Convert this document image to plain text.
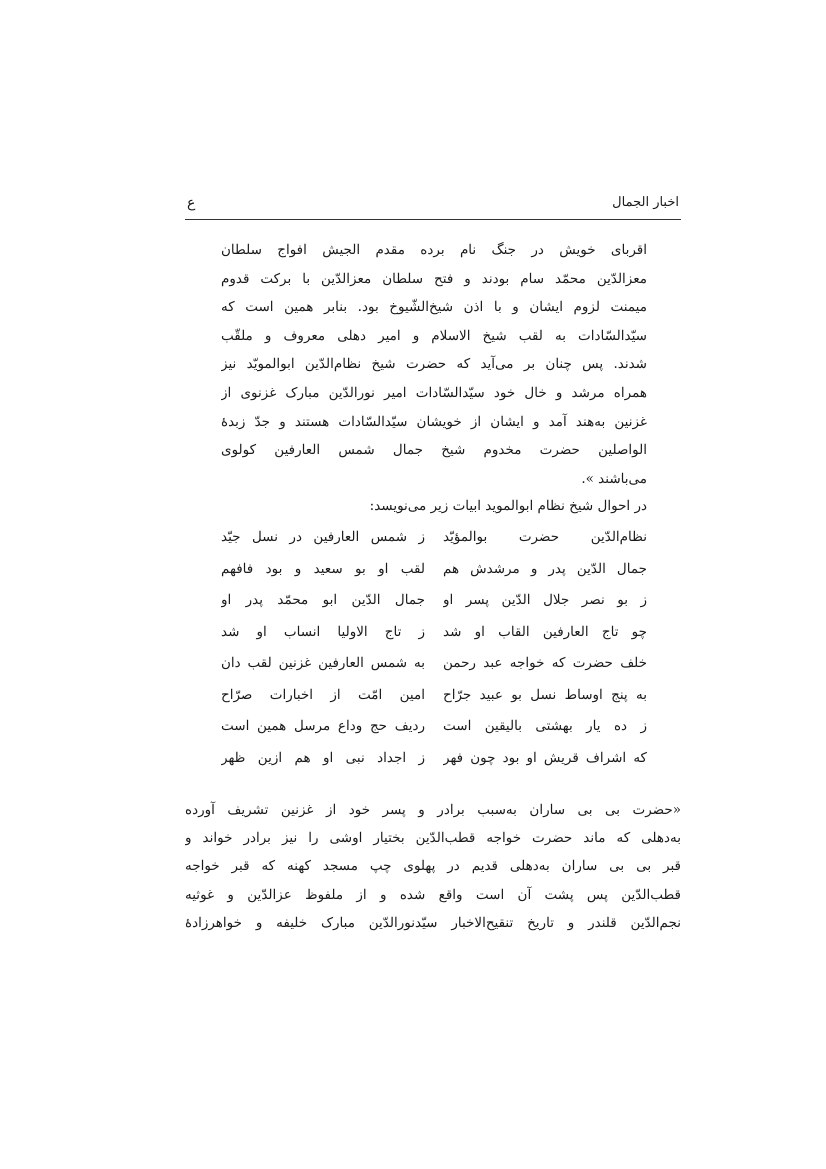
اخبار الجمال
ع
اقربای خویش در جنگ نام برده مقدم الجیش افواج سلطان
معزالدّین محمّد سام بودند و فتح سلطان معزالدّین با برکت قدوم
میمنت لزوم ایشان و با اذن شیخ‌الشّیوخ بود. بنابر همین است که
سیّدالسّادات به لقب شیخ الاسلام و امیر دهلی معروف و ملقّب
شدند. پس چنان بر می‌آید که حضرت شیخ نظام‌الدّین ابوالمویّد نیز
همراه مرشد و خال خود سیّدالسّادات امیر نورالدّین مبارک غزنوی از
غزنین به‌هند آمد و ایشان از خویشان سیّدالسّادات هستند و جدّ زبدۀ
الواصلین حضرت مخدوم شیخ جمال شمس العارفین کولوی
می‌باشند ».
در احوال شیخ نظام ابوالموید ابیات زیر می‌نویسد:
نظام‌الدّین حضرت بوالمؤیّد
ز شمس العارفین در نسل جیّد
جمال الدّین پدر و مرشدش هم
لقب او بو سعید و بود فافهم
ز بو نصر جلال الدّین پسر او
جمال الدّین ابو محمّد پدر او
چو تاج العارفین القاب او شد
ز تاج الاولیا انساب او شد
خلف حضرت که خواجه عبد رحمن
به شمس العارفین غزنین لقب دان
به پنج اوساط نسل بو عبید جرّاح
امین امّت از اخبارات صرّاح
ز ده یار بهشتی بالیقین است
ردیف حج وداع مرسل همین است
که اشراف قریش او بود چون فهر
ز اجداد نبی او هم ازین ظهر
«حضرت بی بی ساران به‌سبب برادر و پسر خود از غزنین تشریف آورده
به‌دهلی که ماند حضرت خواجه قطب‌الدّین بختیار اوشی را نیز برادر خواند و
قبر بی بی ساران به‌دهلی قدیم در پهلوی چپ مسجد کهنه که قبر خواجه
قطب‌الدّین پس پشت آن است واقع شده و از ملفوظ عزالدّین و غوثیه
نجم‌الدّین قلندر و تاریخ تنقیح‌الاخبار سیّدنورالدّین مبارک خلیفه و خواهرزادۀ
